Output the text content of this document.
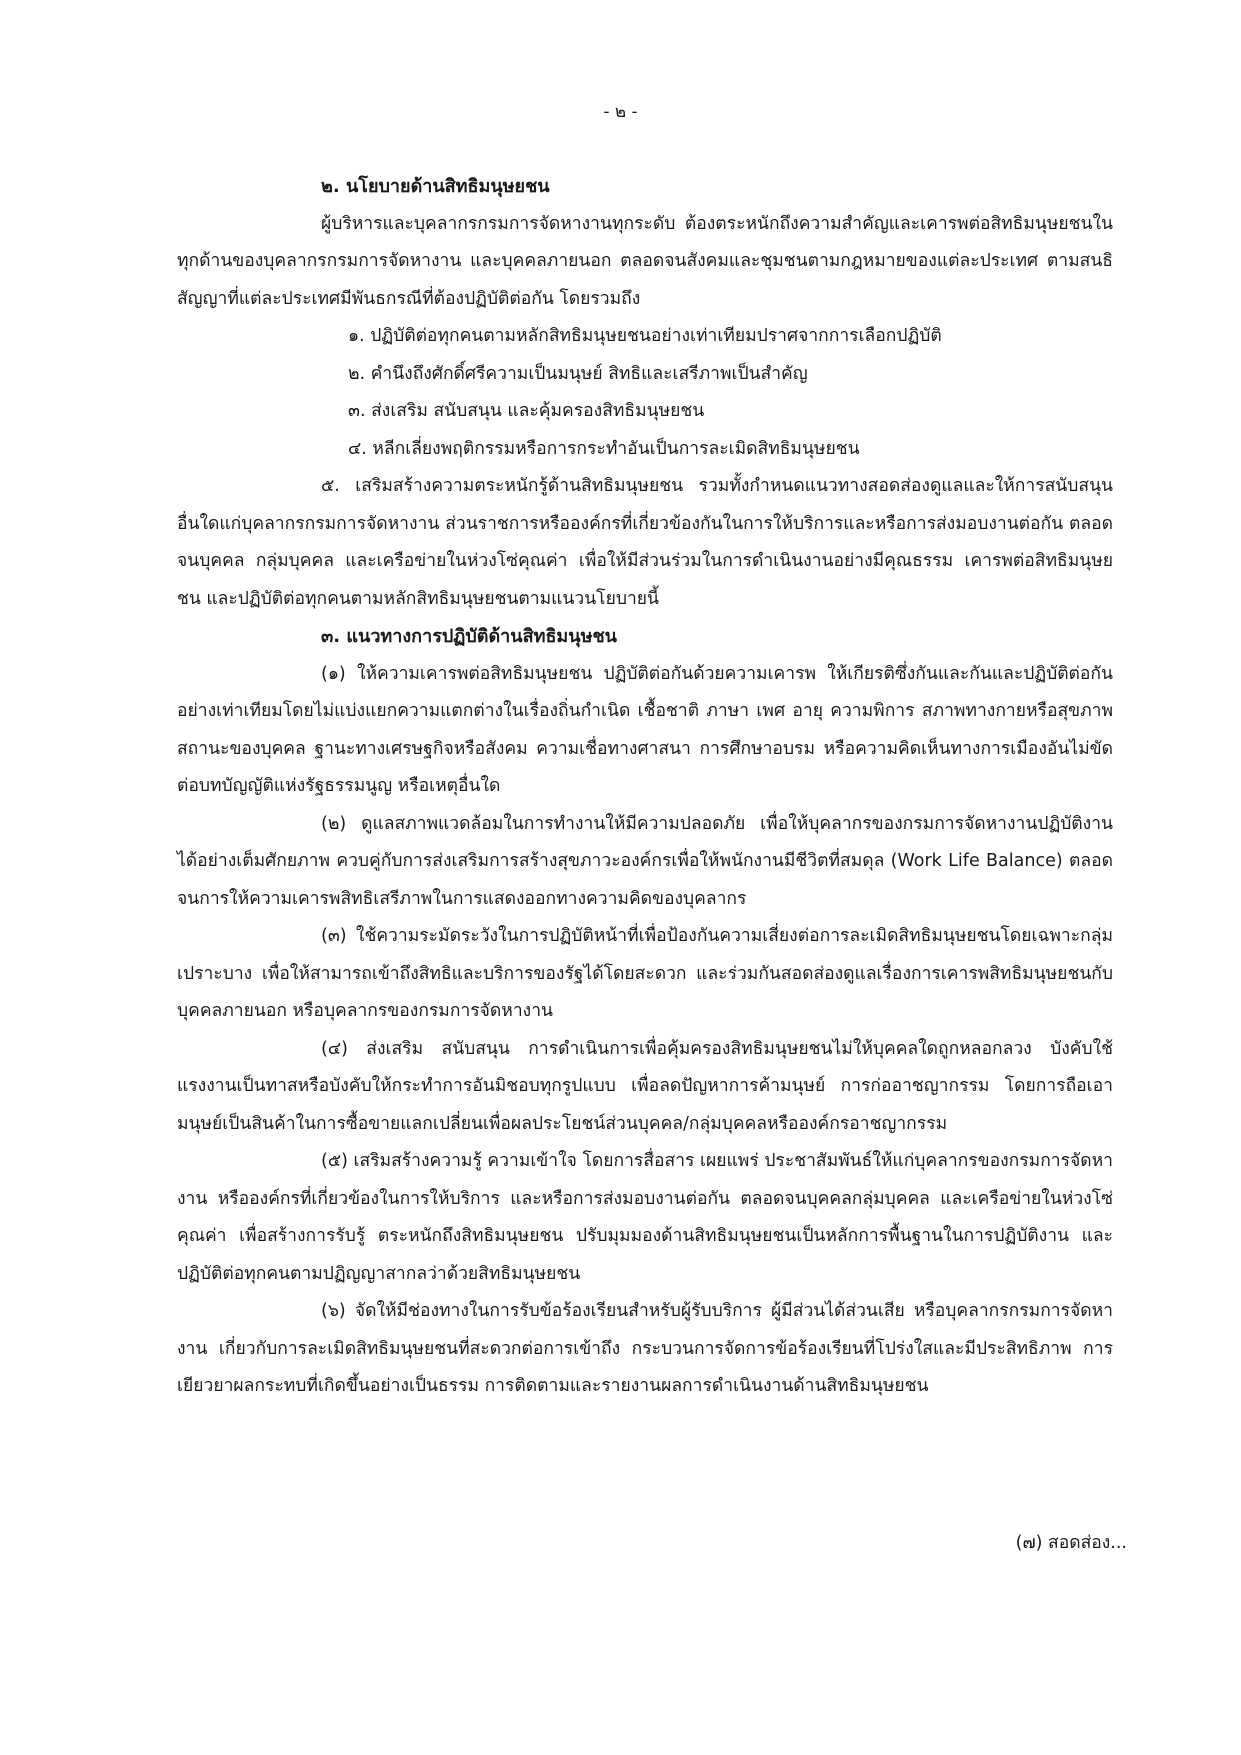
- ๒ -

๒. นโยบายด้านสิทธิมนุษยชน

ผู้บริหารและบุคลากรกรมการจัดหางานทุกระดับ ต้องตระหนักถึงความสำคัญและเคารพต่อสิทธิมนุษยชนในทุกด้านของบุคลากรกรมการจัดหางาน และบุคคลภายนอก ตลอดจนสังคมและชุมชนตามกฎหมายของแต่ละประเทศ ตามสนธิสัญญาที่แต่ละประเทศมีพันธกรณีที่ต้องปฏิบัติต่อกัน โดยรวมถึง

๑. ปฏิบัติต่อทุกคนตามหลักสิทธิมนุษยชนอย่างเท่าเทียมปราศจากการเลือกปฏิบัติ

๒. คำนึงถึงศักดิ์ศรีความเป็นมนุษย์ สิทธิและเสรีภาพเป็นสำคัญ

๓. ส่งเสริม สนับสนุน และคุ้มครองสิทธิมนุษยชน

๔. หลีกเลี่ยงพฤติกรรมหรือการกระทำอันเป็นการละเมิดสิทธิมนุษยชน

๕. เสริมสร้างความตระหนักรู้ด้านสิทธิมนุษยชน รวมทั้งกำหนดแนวทางสอดส่องดูแลและให้การสนับสนุนอื่นใดแก่บุคลากรกรมการจัดหางาน ส่วนราชการหรือองค์กรที่เกี่ยวข้องกันในการให้บริการและหรือการส่งมอบงานต่อกัน ตลอดจนบุคคล กลุ่มบุคคล และเครือข่ายในห่วงโซ่คุณค่า เพื่อให้มีส่วนร่วมในการดำเนินงานอย่างมีคุณธรรม เคารพต่อสิทธิมนุษยชน และปฏิบัติต่อทุกคนตามหลักสิทธิมนุษยชนตามแนวนโยบายนี้

๓. แนวทางการปฏิบัติด้านสิทธิมนุษชน

(๑) ให้ความเคารพต่อสิทธิมนุษยชน ปฏิบัติต่อกันด้วยความเคารพ ให้เกียรติซึ่งกันและกันและปฏิบัติต่อกันอย่างเท่าเทียมโดยไม่แบ่งแยกความแตกต่างในเรื่องถิ่นกำเนิด เชื้อชาติ ภาษา เพศ อายุ ความพิการ สภาพทางกายหรือสุขภาพ สถานะของบุคคล ฐานะทางเศรษฐกิจหรือสังคม ความเชื่อทางศาสนา การศึกษาอบรม หรือความคิดเห็นทางการเมืองอันไม่ขัดต่อบทบัญญัติแห่งรัฐธรรมนูญ หรือเหตุอื่นใด

(๒) ดูแลสภาพแวดล้อมในการทำงานให้มีความปลอดภัย เพื่อให้บุคลากรของกรมการจัดหางานปฏิบัติงานได้อย่างเต็มศักยภาพ ควบคู่กับการส่งเสริมการสร้างสุขภาวะองค์กรเพื่อให้พนักงานมีชีวิตที่สมดุล (Work Life Balance) ตลอดจนการให้ความเคารพสิทธิเสรีภาพในการแสดงออกทางความคิดของบุคลากร

(๓) ใช้ความระมัดระวังในการปฏิบัติหน้าที่เพื่อป้องกันความเสี่ยงต่อการละเมิดสิทธิมนุษยชนโดยเฉพาะกลุ่มเปราะบาง เพื่อให้สามารถเข้าถึงสิทธิและบริการของรัฐได้โดยสะดวก และร่วมกันสอดส่องดูแลเรื่องการเคารพสิทธิมนุษยชนกับบุคคลภายนอก หรือบุคลากรของกรมการจัดหางาน

(๔) ส่งเสริม สนับสนุน การดำเนินการเพื่อคุ้มครองสิทธิมนุษยชนไม่ให้บุคคลใดถูกหลอกลวง บังคับใช้แรงงานเป็นทาสหรือบังคับให้กระทำการอันมิชอบทุกรูปแบบ เพื่อลดปัญหาการค้ามนุษย์ การก่ออาชญากรรม โดยการถือเอามนุษย์เป็นสินค้าในการซื้อขายแลกเปลี่ยนเพื่อผลประโยชน์ส่วนบุคคล/กลุ่มบุคคลหรือองค์กรอาชญากรรม

(๕) เสริมสร้างความรู้ ความเข้าใจ โดยการสื่อสาร เผยแพร่ ประชาสัมพันธ์ให้แก่บุคลากรของกรมการจัดหางาน หรือองค์กรที่เกี่ยวข้องในการให้บริการ และหรือการส่งมอบงานต่อกัน ตลอดจนบุคคลกลุ่มบุคคล และเครือข่ายในห่วงโซ่คุณค่า เพื่อสร้างการรับรู้ ตระหนักถึงสิทธิมนุษยชน ปรับมุมมองด้านสิทธิมนุษยชนเป็นหลักการพื้นฐานในการปฏิบัติงาน และปฏิบัติต่อทุกคนตามปฏิญญาสากลว่าด้วยสิทธิมนุษยชน

(๖) จัดให้มีช่องทางในการรับข้อร้องเรียนสำหรับผู้รับบริการ ผู้มีส่วนได้ส่วนเสีย หรือบุคลากรกรมการจัดหางาน เกี่ยวกับการละเมิดสิทธิมนุษยชนที่สะดวกต่อการเข้าถึง กระบวนการจัดการข้อร้องเรียนที่โปร่งใสและมีประสิทธิภาพ การเยียวยาผลกระทบที่เกิดขึ้นอย่างเป็นธรรม การติดตามและรายงานผลการดำเนินงานด้านสิทธิมนุษยชน

(๗) สอดส่อง...
